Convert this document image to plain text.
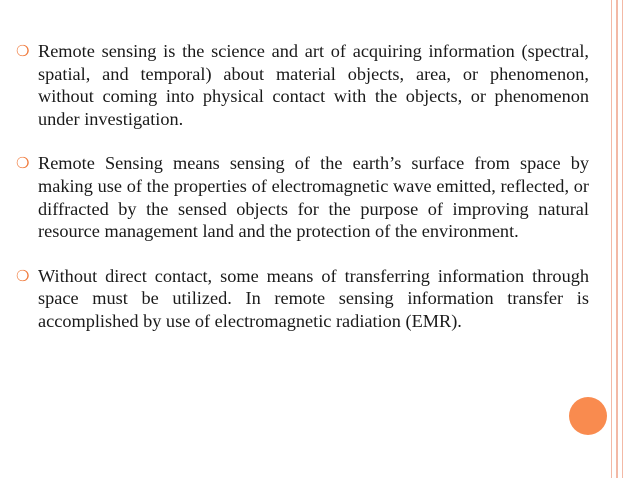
❍ Remote sensing is the science and art of acquiring information (spectral, spatial, and temporal) about material objects, area, or phenomenon, without coming into physical contact with the objects, or phenomenon under investigation.

❍ Remote Sensing means sensing of the earth’s surface from space by making use of the properties of electromagnetic wave emitted, reflected, or diffracted by the sensed objects for the purpose of improving natural resource management land and the protection of the environment.

❍ Without direct contact, some means of transferring information through space must be utilized. In remote sensing information transfer is accomplished by use of electromagnetic radiation (EMR).
